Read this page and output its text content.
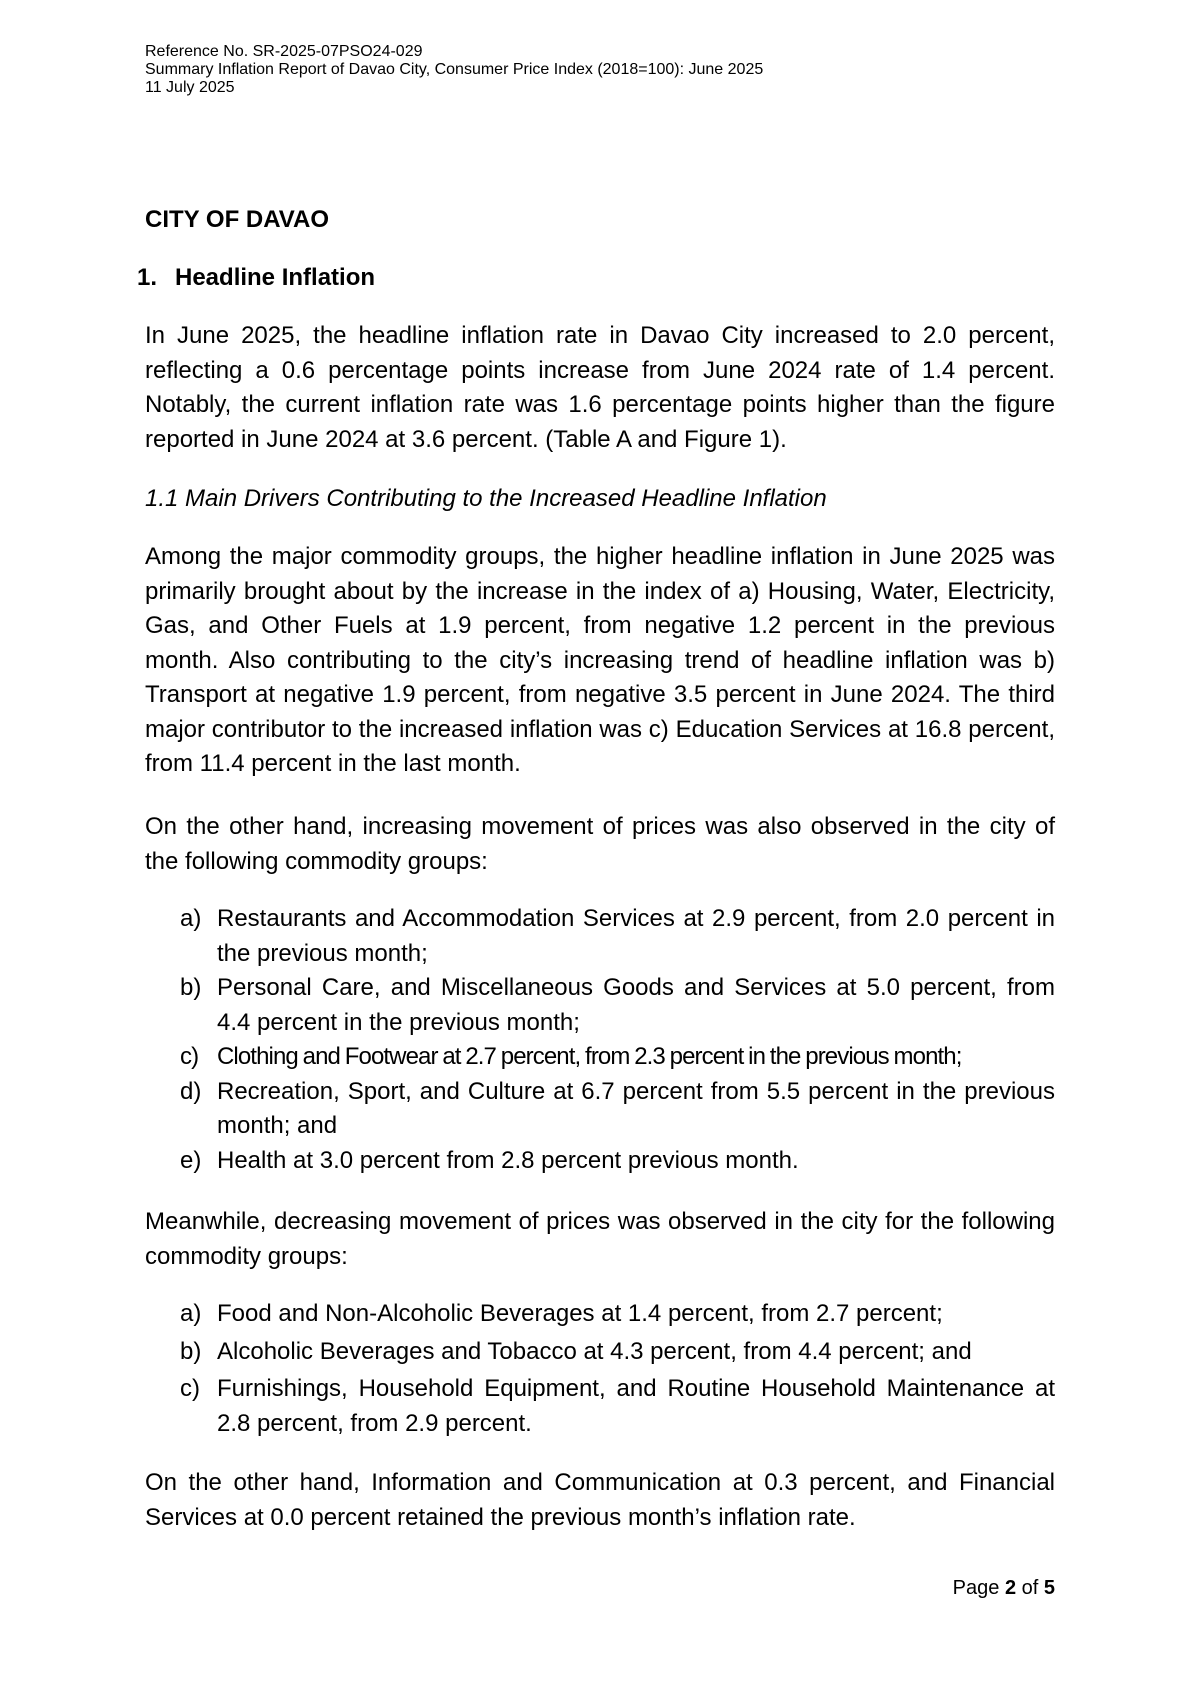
Reference No. SR-2025-07PSO24-029
Summary Inflation Report of Davao City, Consumer Price Index (2018=100): June 2025
11 July 2025
CITY OF DAVAO
1. Headline Inflation

In June 2025, the headline inflation rate in Davao City increased to 2.0 percent, reflecting a 0.6 percentage points increase from June 2024 rate of 1.4 percent. Notably, the current inflation rate was 1.6 percentage points higher than the figure reported in June 2024 at 3.6 percent. (Table A and Figure 1).

1.1 Main Drivers Contributing to the Increased Headline Inflation

Among the major commodity groups, the higher headline inflation in June 2025 was primarily brought about by the increase in the index of a) Housing, Water, Electricity, Gas, and Other Fuels at 1.9 percent, from negative 1.2 percent in the previous month. Also contributing to the city’s increasing trend of headline inflation was b) Transport at negative 1.9 percent, from negative 3.5 percent in June 2024. The third major contributor to the increased inflation was c) Education Services at 16.8 percent, from 11.4 percent in the last month.

On the other hand, increasing movement of prices was also observed in the city of the following commodity groups:

a) Restaurants and Accommodation Services at 2.9 percent, from 2.0 percent in the previous month;
b) Personal Care, and Miscellaneous Goods and Services at 5.0 percent, from 4.4 percent in the previous month;
c) Clothing and Footwear at 2.7 percent, from 2.3 percent in the previous month;
d) Recreation, Sport, and Culture at 6.7 percent from 5.5 percent in the previous month; and
e) Health at 3.0 percent from 2.8 percent previous month.

Meanwhile, decreasing movement of prices was observed in the city for the following commodity groups:

a) Food and Non-Alcoholic Beverages at 1.4 percent, from 2.7 percent;
b) Alcoholic Beverages and Tobacco at 4.3 percent, from 4.4 percent; and
c) Furnishings, Household Equipment, and Routine Household Maintenance at 2.8 percent, from 2.9 percent.

On the other hand, Information and Communication at 0.3 percent, and Financial Services at 0.0 percent retained the previous month’s inflation rate.

Page 2 of 5
